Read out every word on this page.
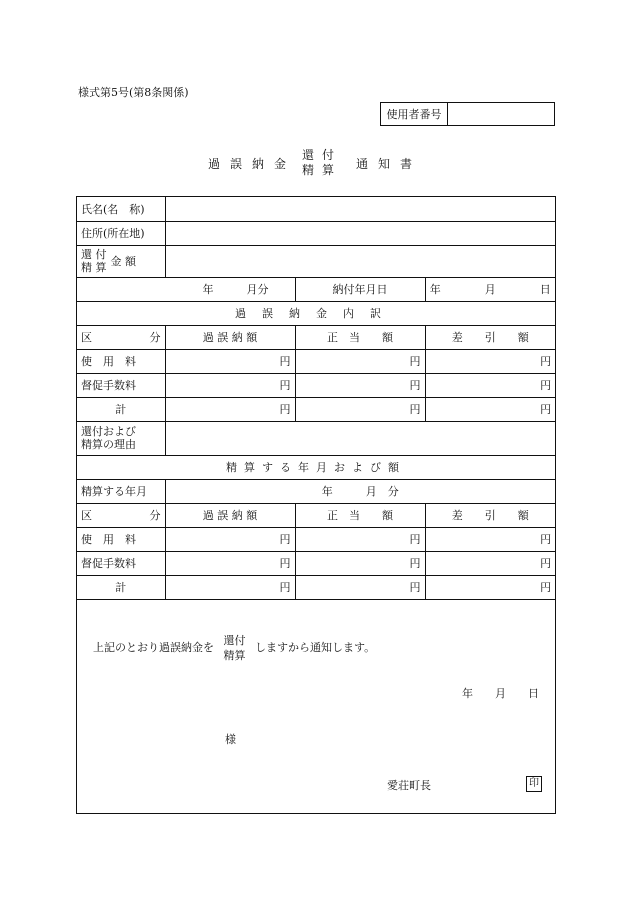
様式第5号(第8条関係)
使用者番号
過誤納金
還付
精算 通知書
氏名(名　称)			
住所(所在地)			

還 付
精 算 金 額			

年　　　月分		納付年月日	年　　　　月　　　　日
過誤納金内訳			

区 分	過 誤 納 額	正　当　　額	差　　引　　額
使　用　料	円	円	円
督促手数料	円	円	円
計	円	円	円

還付および
精算の理由			

精算する年月および額			
精算する年月	年　　　月　分		

区 分	過 誤 納 額	正　当　　額	差　　引　　額
使　用　料	円	円	円
督促手数料	円	円	円
計	円	円	円
上記のとおり過誤納金を
還付
精算
しますから通知します。
年　　月　　日
様
愛荘町長	印
